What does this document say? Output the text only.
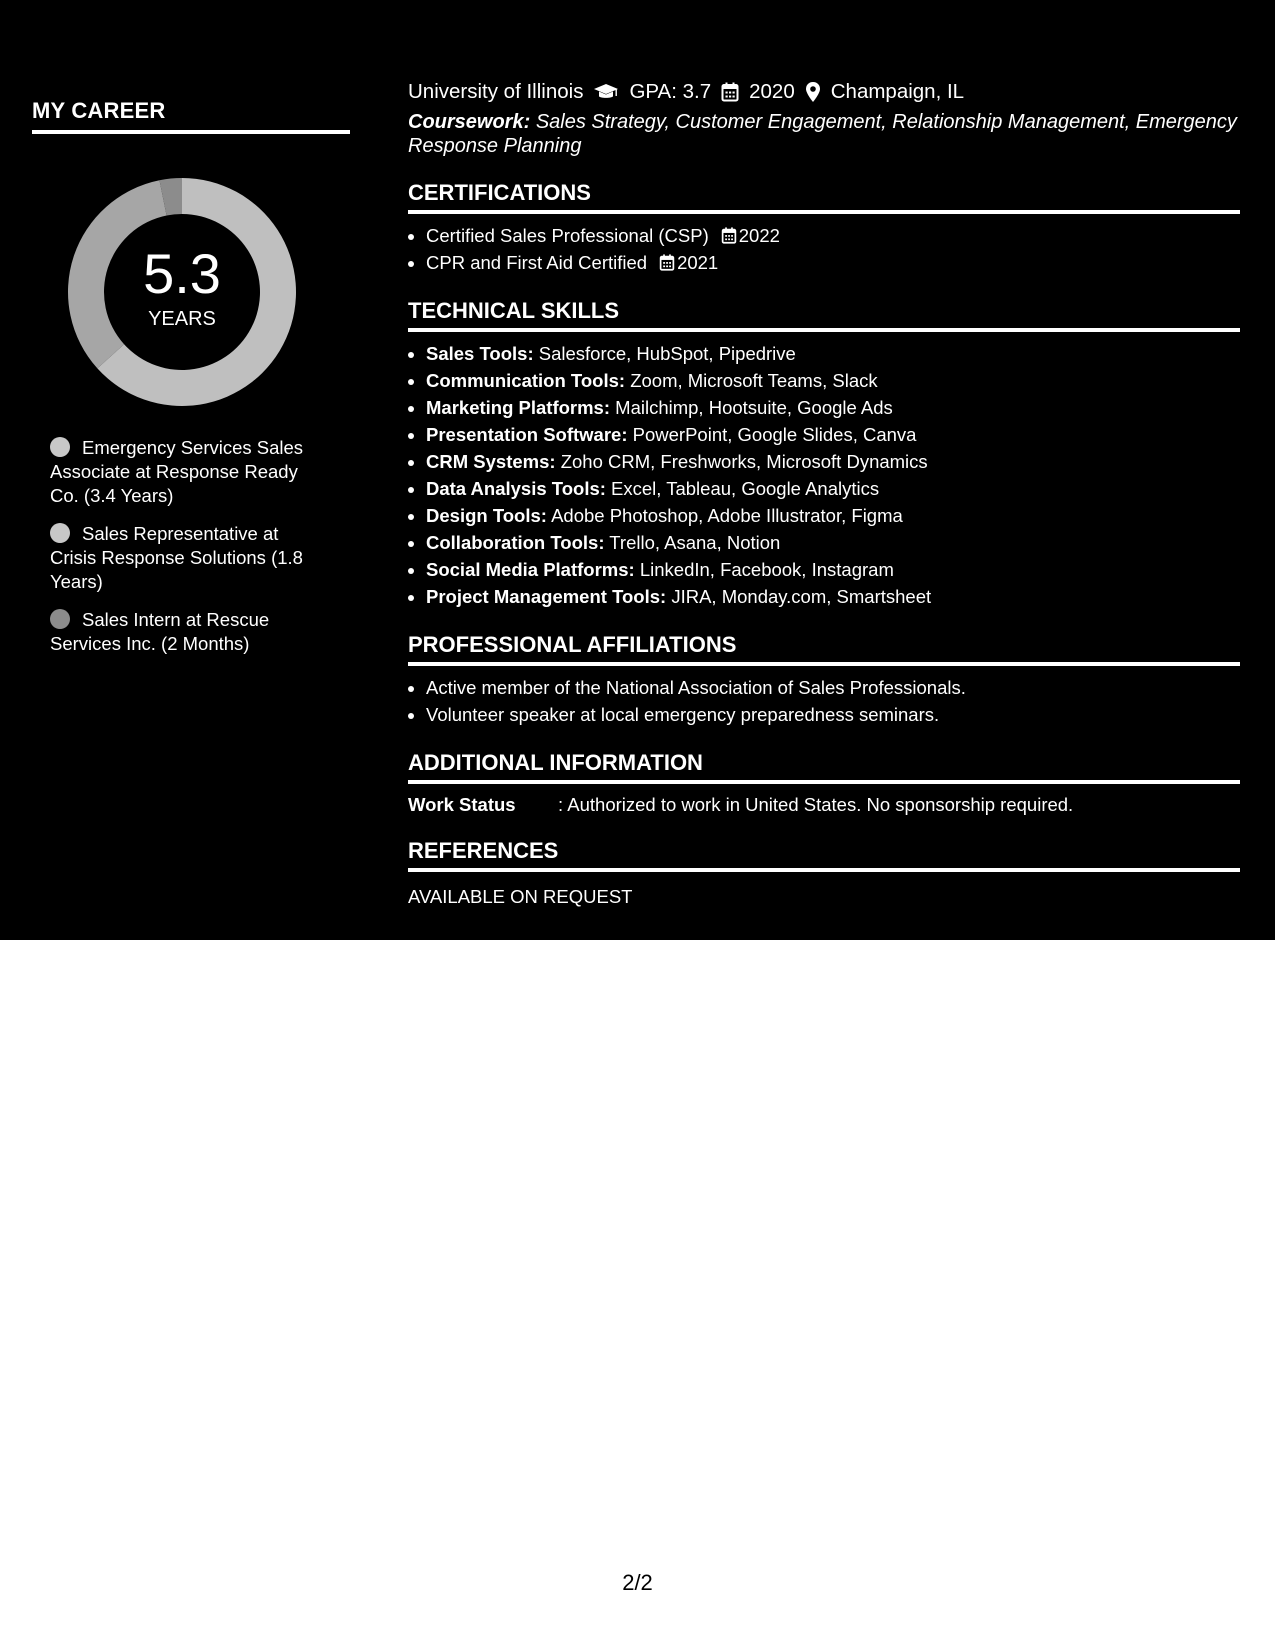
MY CAREER
5.3
YEARS
Emergency Services Sales Associate at Response Ready Co. (3.4 Years)
Sales Representative at Crisis Response Solutions (1.8 Years)
Sales Intern at Rescue Services Inc. (2 Months)
University of Illinois GPA: 3.7 2020 Champaign, IL
Coursework: Sales Strategy, Customer Engagement, Relationship Management, Emergency Response Planning
CERTIFICATIONS
• Certified Sales Professional (CSP) 2022
• CPR and First Aid Certified 2021
TECHNICAL SKILLS
• Sales Tools: Salesforce, HubSpot, Pipedrive
• Communication Tools: Zoom, Microsoft Teams, Slack
• Marketing Platforms: Mailchimp, Hootsuite, Google Ads
• Presentation Software: PowerPoint, Google Slides, Canva
• CRM Systems: Zoho CRM, Freshworks, Microsoft Dynamics
• Data Analysis Tools: Excel, Tableau, Google Analytics
• Design Tools: Adobe Photoshop, Adobe Illustrator, Figma
• Collaboration Tools: Trello, Asana, Notion
• Social Media Platforms: LinkedIn, Facebook, Instagram
• Project Management Tools: JIRA, Monday.com, Smartsheet
PROFESSIONAL AFFILIATIONS
• Active member of the National Association of Sales Professionals.
• Volunteer speaker at local emergency preparedness seminars.
ADDITIONAL INFORMATION
Work Status	: Authorized to work in United States. No sponsorship required.
REFERENCES
AVAILABLE ON REQUEST
2/2
